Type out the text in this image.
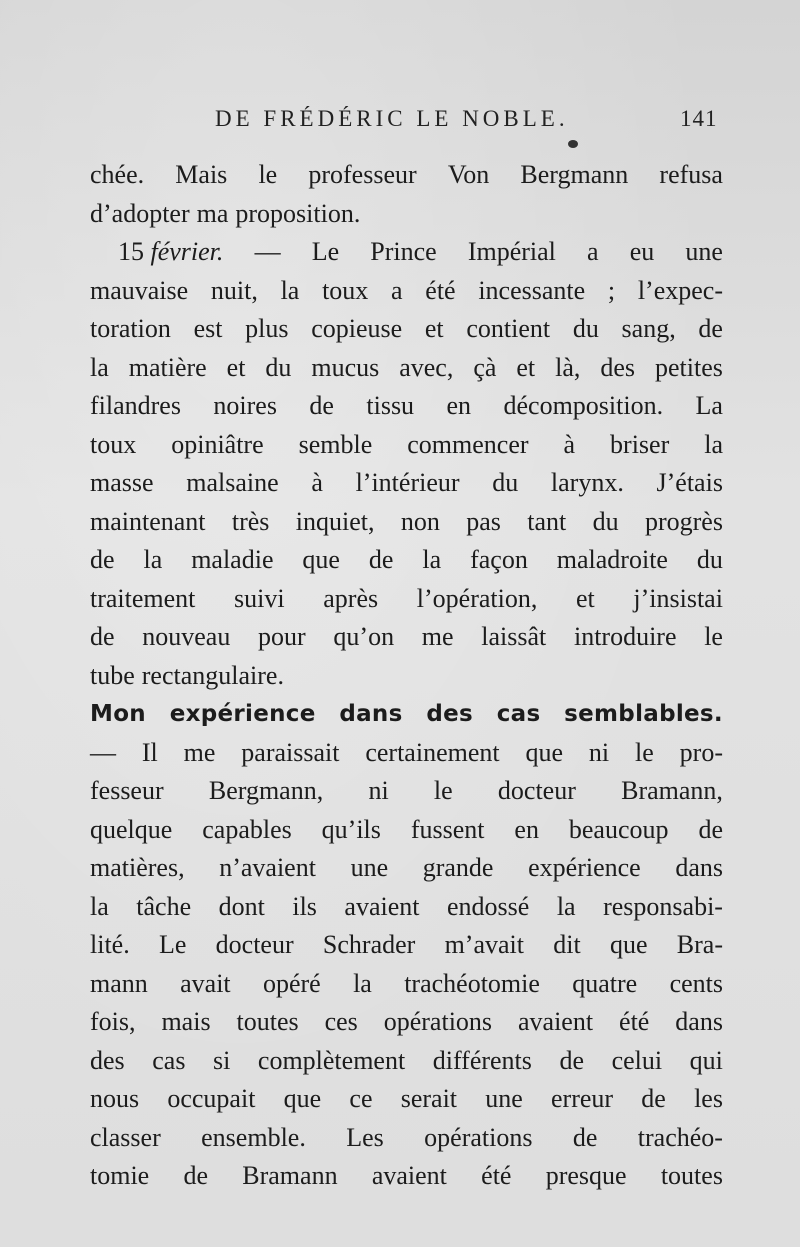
DE FRÉDÉRIC LE NOBLE.	141
chée. Mais le professeur Von Bergmann refusa
d’adopter ma proposition.
15 février. — Le Prince Impérial a eu une
mauvaise nuit, la toux a été incessante ; l’expec-
toration est plus copieuse et contient du sang, de
la matière et du mucus avec, çà et là, des petites
filandres noires de tissu en décomposition. La
toux opiniâtre semble commencer à briser la
masse malsaine à l’intérieur du larynx. J’étais
maintenant très inquiet, non pas tant du progrès
de la maladie que de la façon maladroite du
traitement suivi après l’opération, et j’insistai
de nouveau pour qu’on me laissât introduire le
tube rectangulaire.
Mon expérience dans des cas semblables.
— Il me paraissait certainement que ni le pro-
fesseur Bergmann, ni le docteur Bramann,
quelque capables qu’ils fussent en beaucoup de
matières, n’avaient une grande expérience dans
la tâche dont ils avaient endossé la responsabi-
lité. Le docteur Schrader m’avait dit que Bra-
mann avait opéré la trachéotomie quatre cents
fois, mais toutes ces opérations avaient été dans
des cas si complètement différents de celui qui
nous occupait que ce serait une erreur de les
classer ensemble. Les opérations de trachéo-
tomie de Bramann avaient été presque toutes
